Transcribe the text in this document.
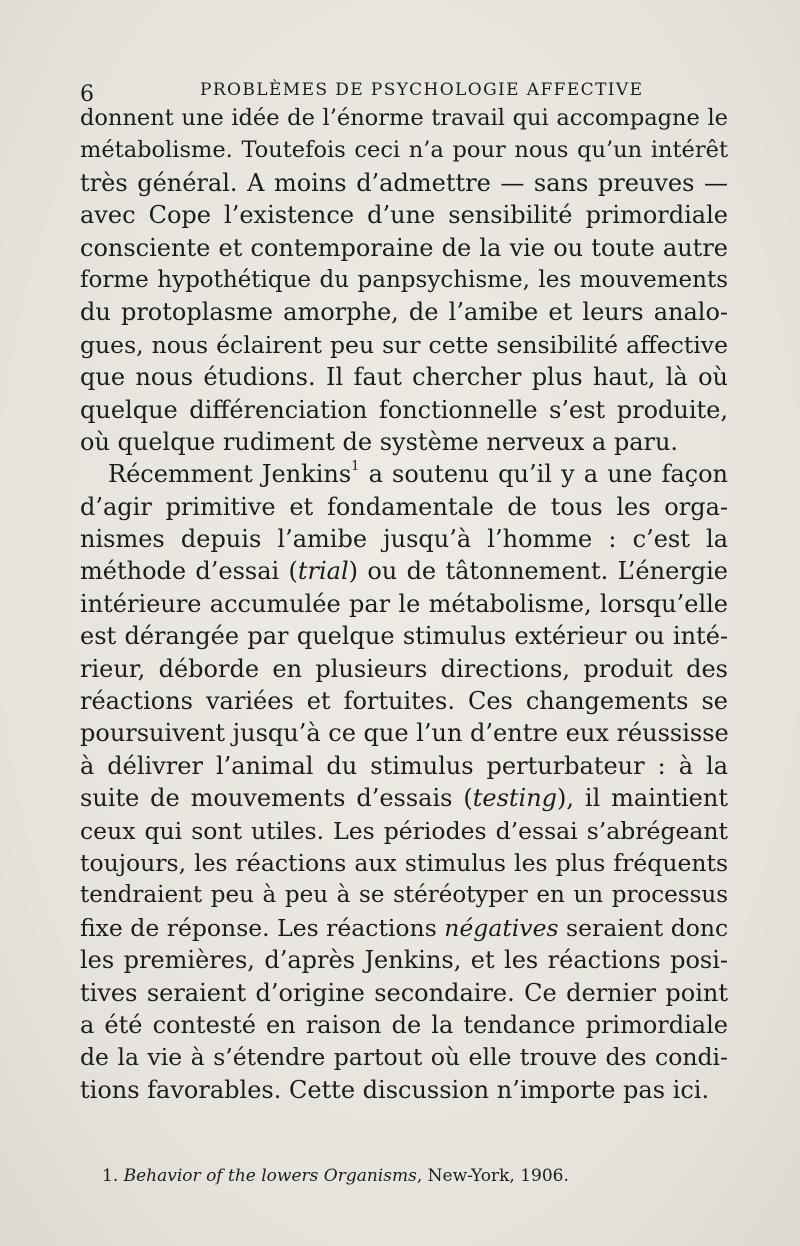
6	PROBLÈMES DE PSYCHOLOGIE AFFECTIVE
donnent une idée de l’énorme travail qui accompagne le
métabolisme. Toutefois ceci n’a pour nous qu’un intérêt
très général. A moins d’admettre — sans preuves —
avec Cope l’existence d’une sensibilité primordiale
consciente et contemporaine de la vie ou toute autre
forme hypothétique du panpsychisme, les mouvements
du protoplasme amorphe, de l’amibe et leurs analo-
gues, nous éclairent peu sur cette sensibilité affective
que nous étudions. Il faut chercher plus haut, là où
quelque différenciation fonctionnelle s’est produite,
où quelque rudiment de système nerveux a paru.
Récemment Jenkins$^1$ a soutenu qu’il y a une façon
d’agir primitive et fondamentale de tous les orga-
nismes depuis l’amibe jusqu’à l’homme : c’est la
méthode d’essai (trial) ou de tâtonnement. L’énergie
intérieure accumulée par le métabolisme, lorsqu’elle
est dérangée par quelque stimulus extérieur ou inté-
rieur, déborde en plusieurs directions, produit des
réactions variées et fortuites. Ces changements se
poursuivent jusqu’à ce que l’un d’entre eux réussisse
à délivrer l’animal du stimulus perturbateur : à la
suite de mouvements d’essais (testing), il maintient
ceux qui sont utiles. Les périodes d’essai s’abrégeant
toujours, les réactions aux stimulus les plus fréquents
tendraient peu à peu à se stéréotyper en un processus
fixe de réponse. Les réactions négatives seraient donc
les premières, d’après Jenkins, et les réactions posi-
tives seraient d’origine secondaire. Ce dernier point
a été contesté en raison de la tendance primordiale
de la vie à s’étendre partout où elle trouve des condi-
tions favorables. Cette discussion n’importe pas ici.
1. Behavior of the lowers Organisms, New-York, 1906.
